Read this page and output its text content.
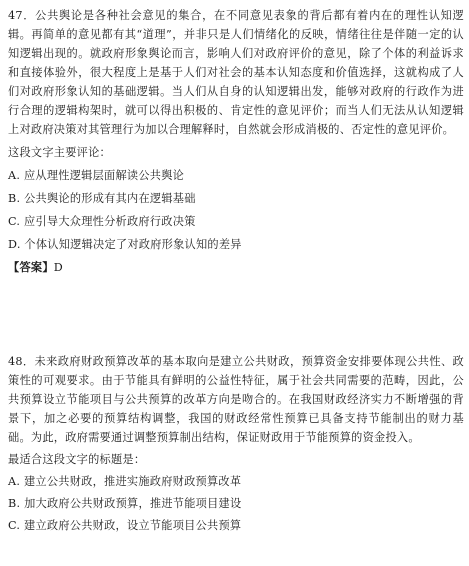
47．公共舆论是各种社会意见的集合，在不同意见表象的背后都有着内在的理性认知逻辑。再简单的意见都有其“道理”，并非只是人们情绪化的反映，情绪往往是伴随一定的认知逻辑出现的。就政府形象舆论而言，影响人们对政府评价的意见，除了个体的利益诉求和直接体验外，很大程度上是基于人们对社会的基本认知态度和价值选择，这就构成了人们对政府形象认知的基础逻辑。当人们从自身的认知逻辑出发，能够对政府的行政作为进行合理的逻辑构架时，就可以得出积极的、肯定性的意见评价；而当人们无法从认知逻辑上对政府决策对其管理行为加以合理解释时，自然就会形成消极的、否定性的意见评价。

这段文字主要评论：

A. 应从理性逻辑层面解读公共舆论

B. 公共舆论的形成有其内在逻辑基础

C. 应引导大众理性分析政府行政决策

D. 个体认知逻辑决定了对政府形象认知的差异

【答案】D

48．未来政府财政预算改革的基本取向是建立公共财政，预算资金安排要体现公共性、政策性的可观要求。由于节能具有鲜明的公益性特征，属于社会共同需要的范畴，因此，公共预算设立节能项目与公共预算的改革方向是吻合的。在我国财政经济实力不断增强的背景下，加之必要的预算结构调整，我国的财政经常性预算已具备支持节能制出的财力基础。为此，政府需要通过调整预算制出结构，保证财政用于节能预算的资金投入。

最适合这段文字的标题是：

A. 建立公共财政，推进实施政府财政预算改革

B. 加大政府公共财政预算，推进节能项目建设

C. 建立政府公共财政，设立节能项目公共预算
